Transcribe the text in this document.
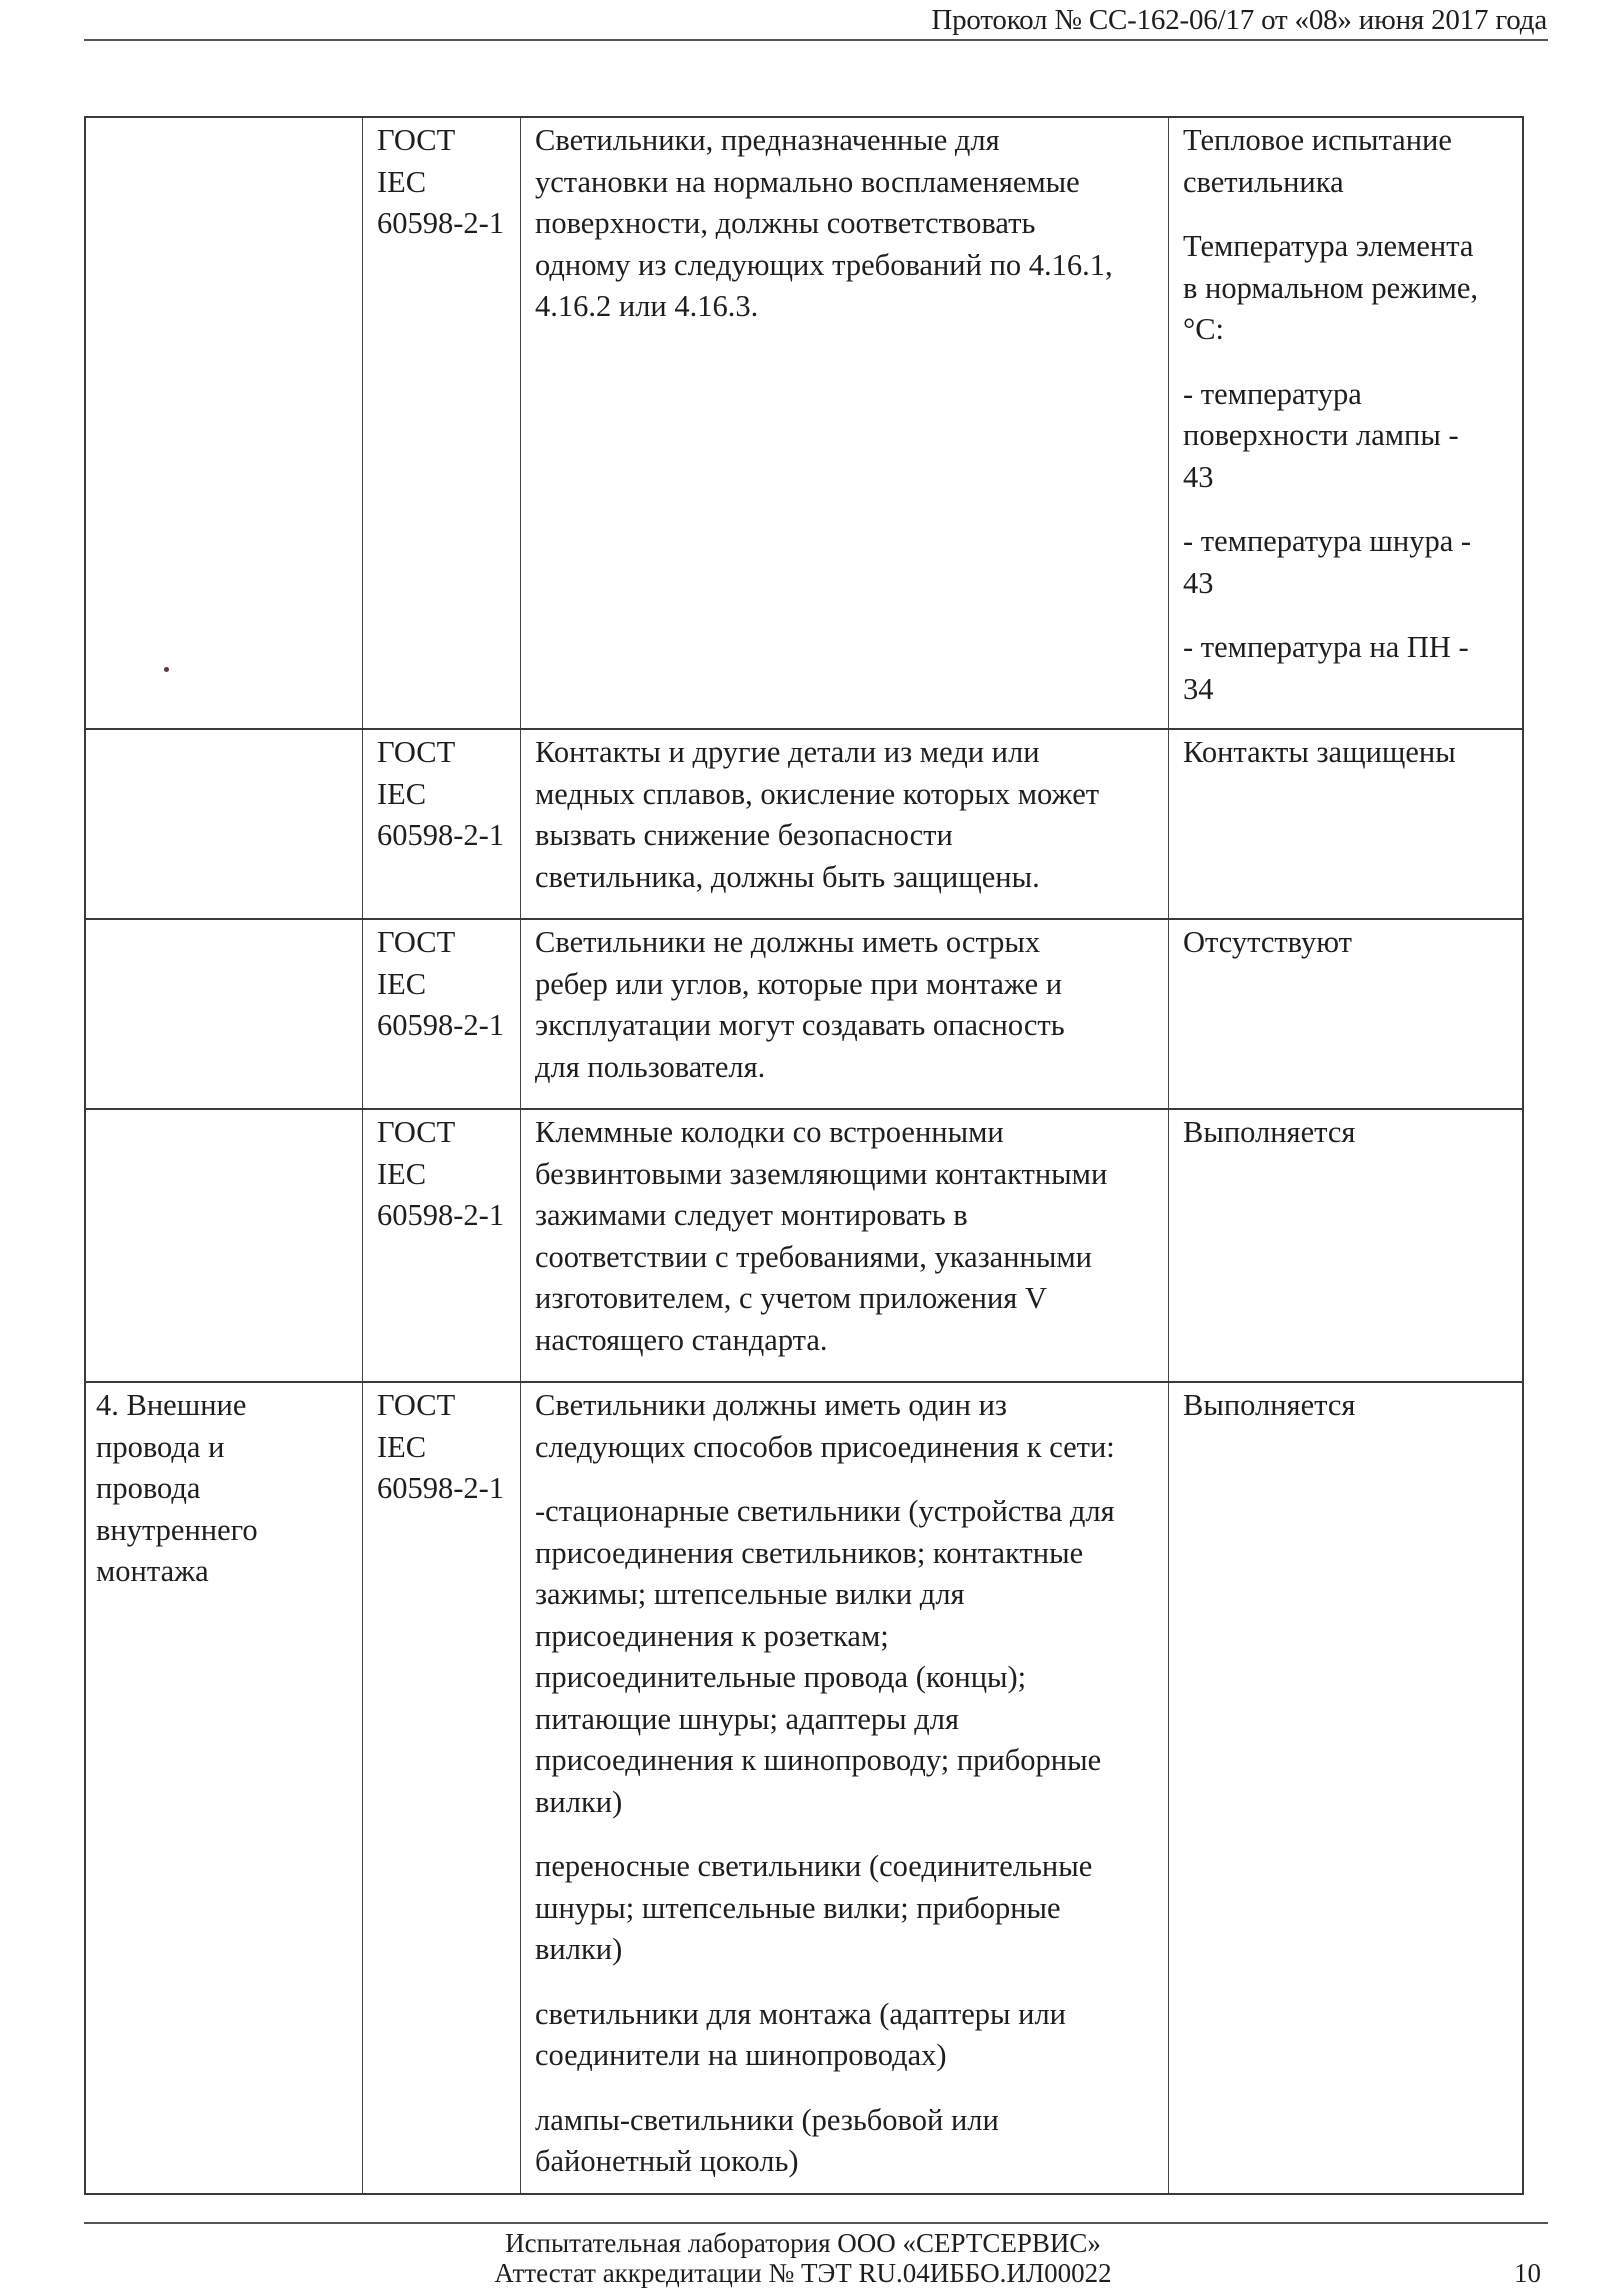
Протокол № СС-162-06/17 от «08» июня 2017 года
ГОСТ
IEC
60598-2-1
Светильники, предназначенные для
установки на нормально воспламеняемые
поверхности, должны соответствовать
одному из следующих требований по 4.16.1,
4.16.2 или 4.16.3.
Тепловое испытание
светильника
Температура элемента
в нормальном режиме,
°С:
- температура
поверхности лампы -
43
- температура шнура -
43
- температура на ПН -
34
ГОСТ
IEC
60598-2-1
Контакты и другие детали из меди или
медных сплавов, окисление которых может
вызвать снижение безопасности
светильника, должны быть защищены.
Контакты защищены
ГОСТ
IEC
60598-2-1
Светильники не должны иметь острых
ребер или углов, которые при монтаже и
эксплуатации могут создавать опасность
для пользователя.
Отсутствуют
ГОСТ
IEC
60598-2-1
Клеммные колодки со встроенными
безвинтовыми заземляющими контактными
зажимами следует монтировать в
соответствии с требованиями, указанными
изготовителем, с учетом приложения V
настоящего стандарта.
Выполняется
4. Внешние
провода и
провода
внутреннего
монтажа
ГОСТ
IEC
60598-2-1
Светильники должны иметь один из
следующих способов присоединения к сети:
-стационарные светильники (устройства для
присоединения светильников; контактные
зажимы; штепсельные вилки для
присоединения к розеткам;
присоединительные провода (концы);
питающие шнуры; адаптеры для
присоединения к шинопроводу; приборные
вилки)
переносные светильники (соединительные
шнуры; штепсельные вилки; приборные
вилки)
светильники для монтажа (адаптеры или
соединители на шинопроводах)
лампы-светильники (резьбовой или
байонетный цоколь)
Выполняется
Испытательная лаборатория ООО «СЕРТСЕРВИС»
Аттестат аккредитации № ТЭТ RU.04ИББО.ИЛ00022	10
